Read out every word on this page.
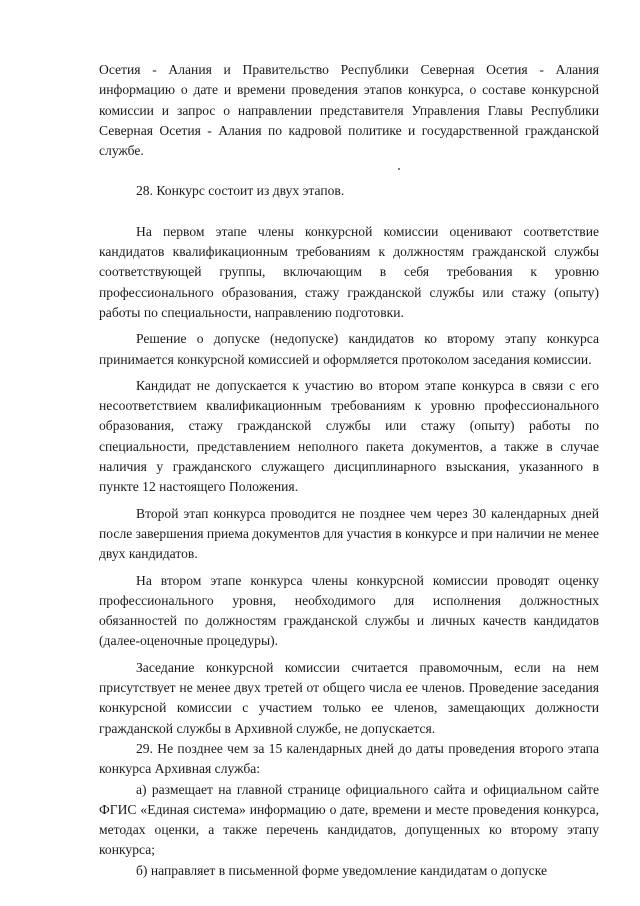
Осетия - Алания и Правительство Республики Северная Осетия - Алания информацию о дате и времени проведения этапов конкурса, о составе конкурсной комиссии и запрос о направлении представителя Управления Главы Республики Северная Осетия - Алания по кадровой политике и государственной гражданской службе.

28. Конкурс состоит из двух этапов.

На первом этапе члены конкурсной комиссии оценивают соответствие кандидатов квалификационным требованиям к должностям гражданской службы соответствующей группы, включающим в себя требования к уровню профессионального образования, стажу гражданской службы или стажу (опыту) работы по специальности, направлению подготовки.

Решение о допуске (недопуске) кандидатов ко второму этапу конкурса принимается конкурсной комиссией и оформляется протоколом заседания комиссии.

Кандидат не допускается к участию во втором этапе конкурса в связи с его несоответствием квалификационным требованиям к уровню профессионального образования, стажу гражданской службы или стажу (опыту) работы по специальности, представлением неполного пакета документов, а также в случае наличия у гражданского служащего дисциплинарного взыскания, указанного в пункте 12 настоящего Положения.

Второй этап конкурса проводится не позднее чем через 30 календарных дней после завершения приема документов для участия в конкурсе и при наличии не менее двух кандидатов.

На втором этапе конкурса члены конкурсной комиссии проводят оценку профессионального уровня, необходимого для исполнения должностных обязанностей по должностям гражданской службы и личных качеств кандидатов (далее-оценочные процедуры).

Заседание конкурсной комиссии считается правомочным, если на нем присутствует не менее двух третей от общего числа ее членов. Проведение заседания конкурсной комиссии с участием только ее членов, замещающих должности гражданской службы в Архивной службе, не допускается.

29. Не позднее чем за 15 календарных дней до даты проведения второго этапа конкурса Архивная служба:

а) размещает на главной странице официального сайта и официальном сайте ФГИС «Единая система» информацию о дате, времени и месте проведения конкурса, методах оценки, а также перечень кандидатов, допущенных ко второму этапу конкурса;

б) направляет в письменной форме уведомление кандидатам о допуске
